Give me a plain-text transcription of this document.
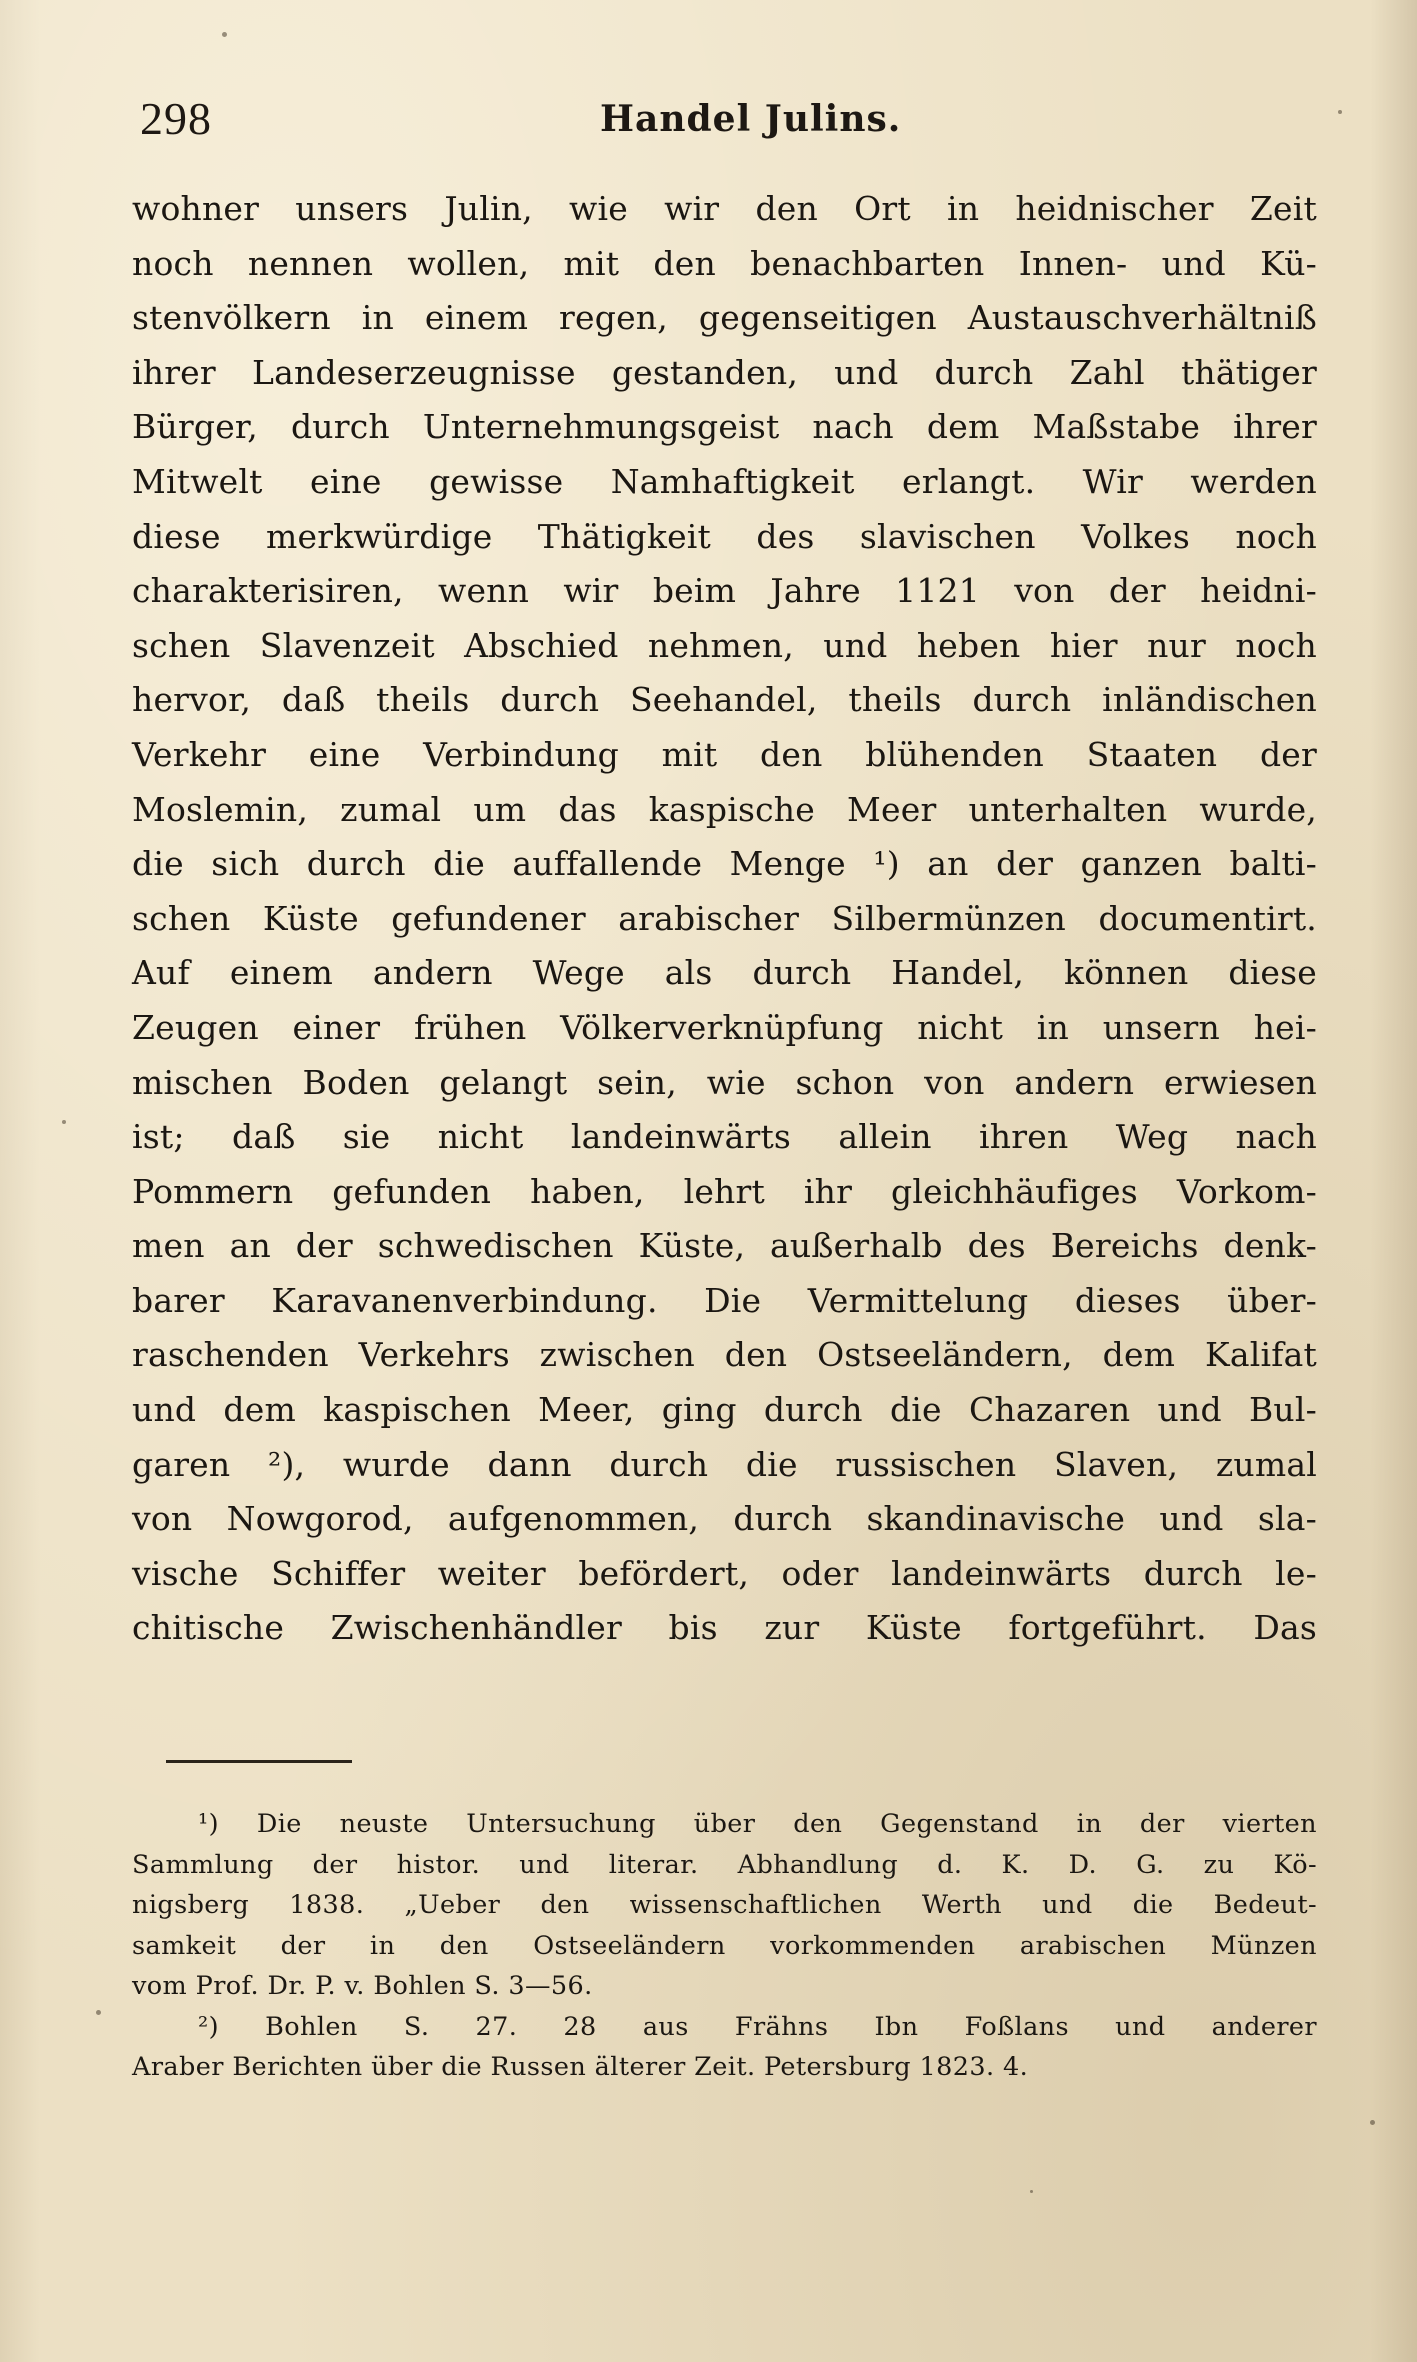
298	Handel Julins.
wohner unsers Julin, wie wir den Ort in heidnischer Zeit
noch nennen wollen, mit den benachbarten Innen- und Kü-
stenvölkern in einem regen, gegenseitigen Austauschverhältniß
ihrer Landeserzeugnisse gestanden, und durch Zahl thätiger
Bürger, durch Unternehmungsgeist nach dem Maßstabe ihrer
Mitwelt eine gewisse Namhaftigkeit erlangt. Wir werden
diese merkwürdige Thätigkeit des slavischen Volkes noch
charakterisiren, wenn wir beim Jahre 1121 von der heidni-
schen Slavenzeit Abschied nehmen, und heben hier nur noch
hervor, daß theils durch Seehandel, theils durch inländischen
Verkehr eine Verbindung mit den blühenden Staaten der
Moslemin, zumal um das kaspische Meer unterhalten wurde,
die sich durch die auffallende Menge ¹) an der ganzen balti-
schen Küste gefundener arabischer Silbermünzen documentirt.
Auf einem andern Wege als durch Handel, können diese
Zeugen einer frühen Völkerverknüpfung nicht in unsern hei-
mischen Boden gelangt sein, wie schon von andern erwiesen
ist; daß sie nicht landeinwärts allein ihren Weg nach
Pommern gefunden haben, lehrt ihr gleichhäufiges Vorkom-
men an der schwedischen Küste, außerhalb des Bereichs denk-
barer Karavanenverbindung. Die Vermittelung dieses über-
raschenden Verkehrs zwischen den Ostseeländern, dem Kalifat
und dem kaspischen Meer, ging durch die Chazaren und Bul-
garen ²), wurde dann durch die russischen Slaven, zumal
von Nowgorod, aufgenommen, durch skandinavische und sla-
vische Schiffer weiter befördert, oder landeinwärts durch le-
chitische Zwischenhändler bis zur Küste fortgeführt. Das
¹) Die neuste Untersuchung über den Gegenstand in der vierten
Sammlung der histor. und literar. Abhandlung d. K. D. G. zu Kö-
nigsberg 1838. „Ueber den wissenschaftlichen Werth und die Bedeut-
samkeit der in den Ostseeländern vorkommenden arabischen Münzen
vom Prof. Dr. P. v. Bohlen S. 3—56.
²) Bohlen S. 27. 28 aus Frähns Ibn Foßlans und anderer
Araber Berichten über die Russen älterer Zeit. Petersburg 1823. 4.
